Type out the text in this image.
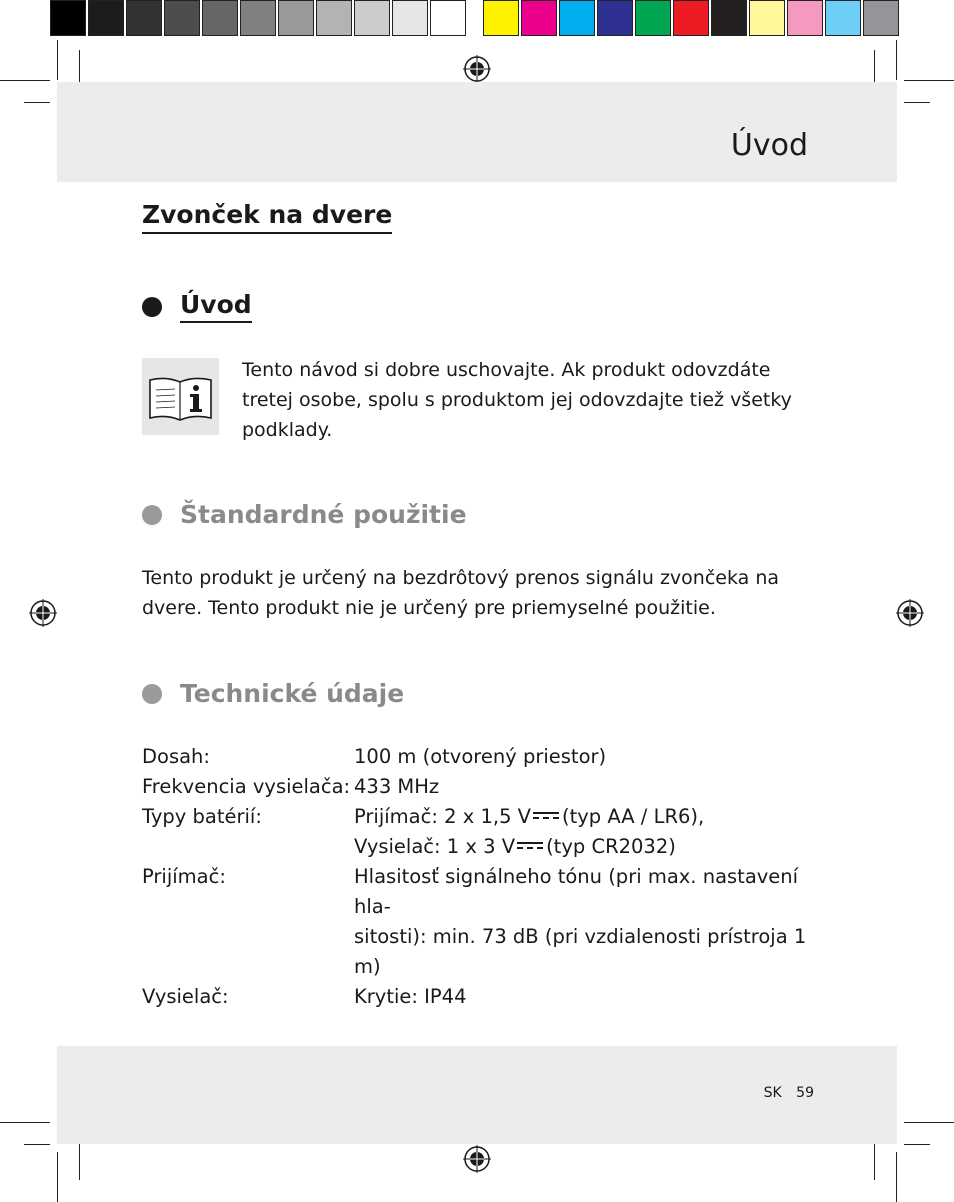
Úvod
Zvonček na dvere
Úvod
Tento návod si dobre uschovajte. Ak produkt odovzdáte tretej osobe, spolu s produktom jej odovzdajte tiež všetky podklady.
Štandardné použitie
Tento produkt je určený na bezdrôtový prenos signálu zvončeka na dvere. Tento produkt nie je určený pre priemyselné použitie.
Technické údaje
Dosah:	100 m (otvorený priestor)
Frekvencia vysielača: 433 MHz
Typy batérií:	Prijímač: 2 x 1,5 V (typ AA / LR6),
Vysielač: 1 x 3 V (typ CR2032)
Prijímač:	Hlasitosť signálneho tónu (pri max. nastavení hla-
sitosti): min. 73 dB (pri vzdialenosti prístroja 1 m)
Vysielač:	Krytie: IP44
SK 59
